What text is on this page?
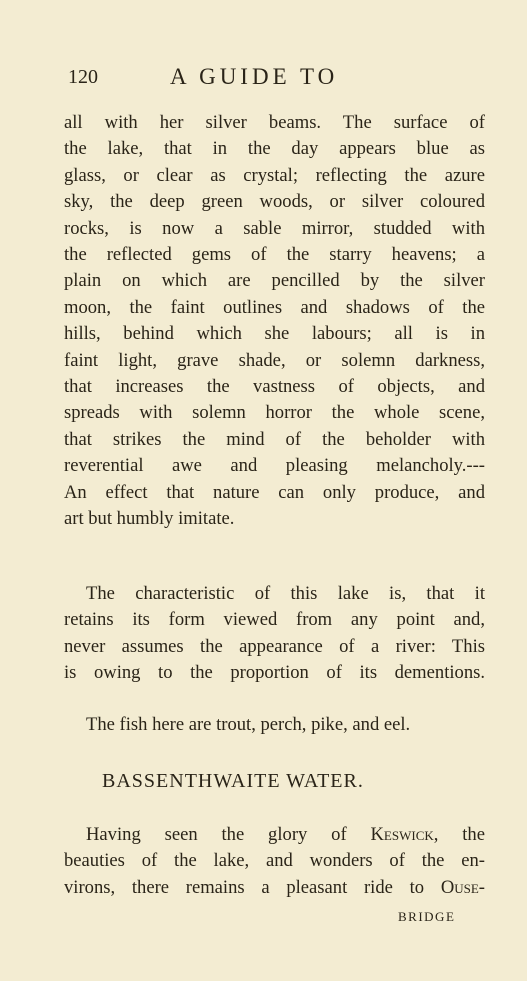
120	A GUIDE TO
all with her silver beams. The surface of
the lake, that in the day appears blue as
glass, or clear as crystal; reflecting the azure
sky, the deep green woods, or silver coloured
rocks, is now a sable mirror, studded with
the reflected gems of the starry heavens; a
plain on which are pencilled by the silver
moon, the faint outlines and shadows of the
hills, behind which she labours; all is in
faint light, grave shade, or solemn darkness,
that increases the vastness of objects, and
spreads with solemn horror the whole scene,
that strikes the mind of the beholder with
reverential awe and pleasing melancholy.---
An effect that nature can only produce, and
art but humbly imitate.
The characteristic of this lake is, that it
retains its form viewed from any point and,
never assumes the appearance of a river: This
is owing to the proportion of its dementions.
The fish here are trout, perch, pike, and eel.
BASSENTHWAITE WATER.
Having seen the glory of Keswick, the
beauties of the lake, and wonders of the en-
virons, there remains a pleasant ride to Ouse-
BRIDGE
